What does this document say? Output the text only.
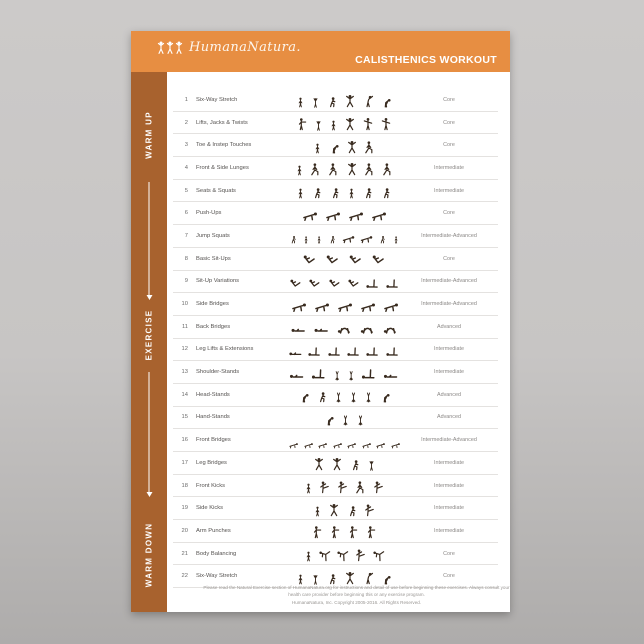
HumanaNatura.
CALISTHENICS WORKOUT
WARM UP
EXERCISE
WARM DOWN
1 Six-Way Stretch	Core
2 Lifts, Jacks & Twists	Core
3 Toe & Instep Touches	Core
4 Front & Side Lunges	Intermediate
5 Seats & Squats	Intermediate
6 Push-Ups	Core
7 Jump Squats	Intermediate-Advanced
8 Basic Sit-Ups	Core
9 Sit-Up Variations	Intermediate-Advanced
10 Side Bridges	Intermediate-Advanced
11 Back Bridges	Advanced
12 Leg Lifts & Extensions	Intermediate
13 Shoulder-Stands	Intermediate
14 Head-Stands	Advanced
15 Hand-Stands	Advanced
16 Front Bridges	Intermediate-Advanced
17 Leg Bridges	Intermediate
18 Front Kicks	Intermediate
19 Side Kicks	Intermediate
20 Arm Punches	Intermediate
21 Body Balancing	Core
22 Six-Way Stretch	Core
Please read the Natural Exercise section of HumanaNatura.org for instructions and detail of use before beginning these exercises. Always consult your health care provider before beginning this or any exercise program.
HumanaNatura, Inc. Copyright 2005-2016. All Rights Reserved.
